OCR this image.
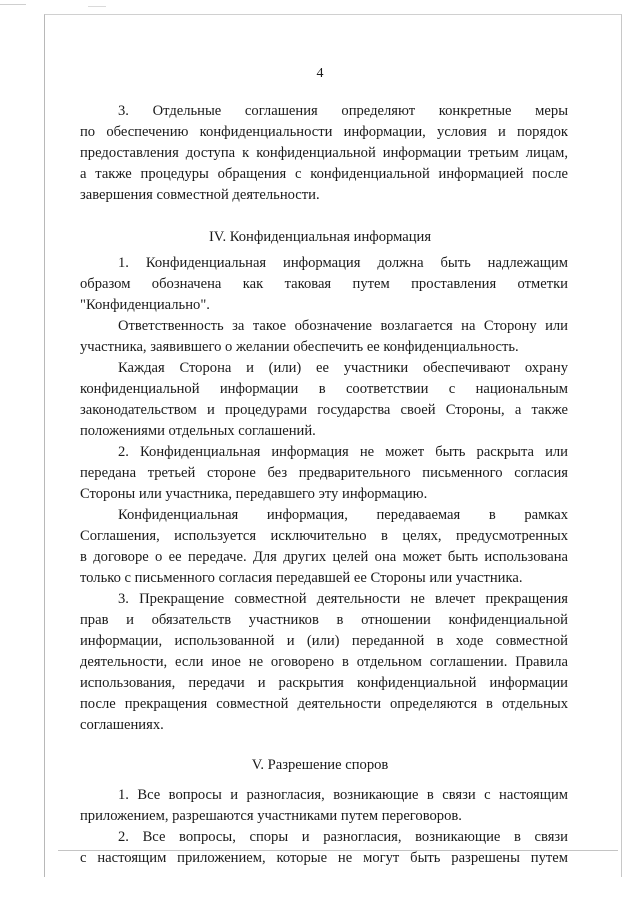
4
3. Отдельные соглашения определяют конкретные меры
по обеспечению конфиденциальности информации, условия и порядок
предоставления доступа к конфиденциальной информации третьим лицам,
а также процедуры обращения с конфиденциальной информацией после
завершения совместной деятельности.
IV. Конфиденциальная информация
1. Конфиденциальная информация должна быть надлежащим
образом обозначена как таковая путем проставления отметки
"Конфиденциально".
Ответственность за такое обозначение возлагается на Сторону или
участника, заявившего о желании обеспечить ее конфиденциальность.
Каждая Сторона и (или) ее участники обеспечивают охрану
конфиденциальной информации в соответствии с национальным
законодательством и процедурами государства своей Стороны, а также
положениями отдельных соглашений.
2. Конфиденциальная информация не может быть раскрыта или
передана третьей стороне без предварительного письменного согласия
Стороны или участника, передавшего эту информацию.
Конфиденциальная информация, передаваемая в рамках
Соглашения, используется исключительно в целях, предусмотренных
в договоре о ее передаче. Для других целей она может быть использована
только с письменного согласия передавшей ее Стороны или участника.
3. Прекращение совместной деятельности не влечет прекращения
прав и обязательств участников в отношении конфиденциальной
информации, использованной и (или) переданной в ходе совместной
деятельности, если иное не оговорено в отдельном соглашении. Правила
использования, передачи и раскрытия конфиденциальной информации
после прекращения совместной деятельности определяются в отдельных
соглашениях.
V. Разрешение споров
1. Все вопросы и разногласия, возникающие в связи с настоящим
приложением, разрешаются участниками путем переговоров.
2. Все вопросы, споры и разногласия, возникающие в связи
с настоящим приложением, которые не могут быть разрешены путем
